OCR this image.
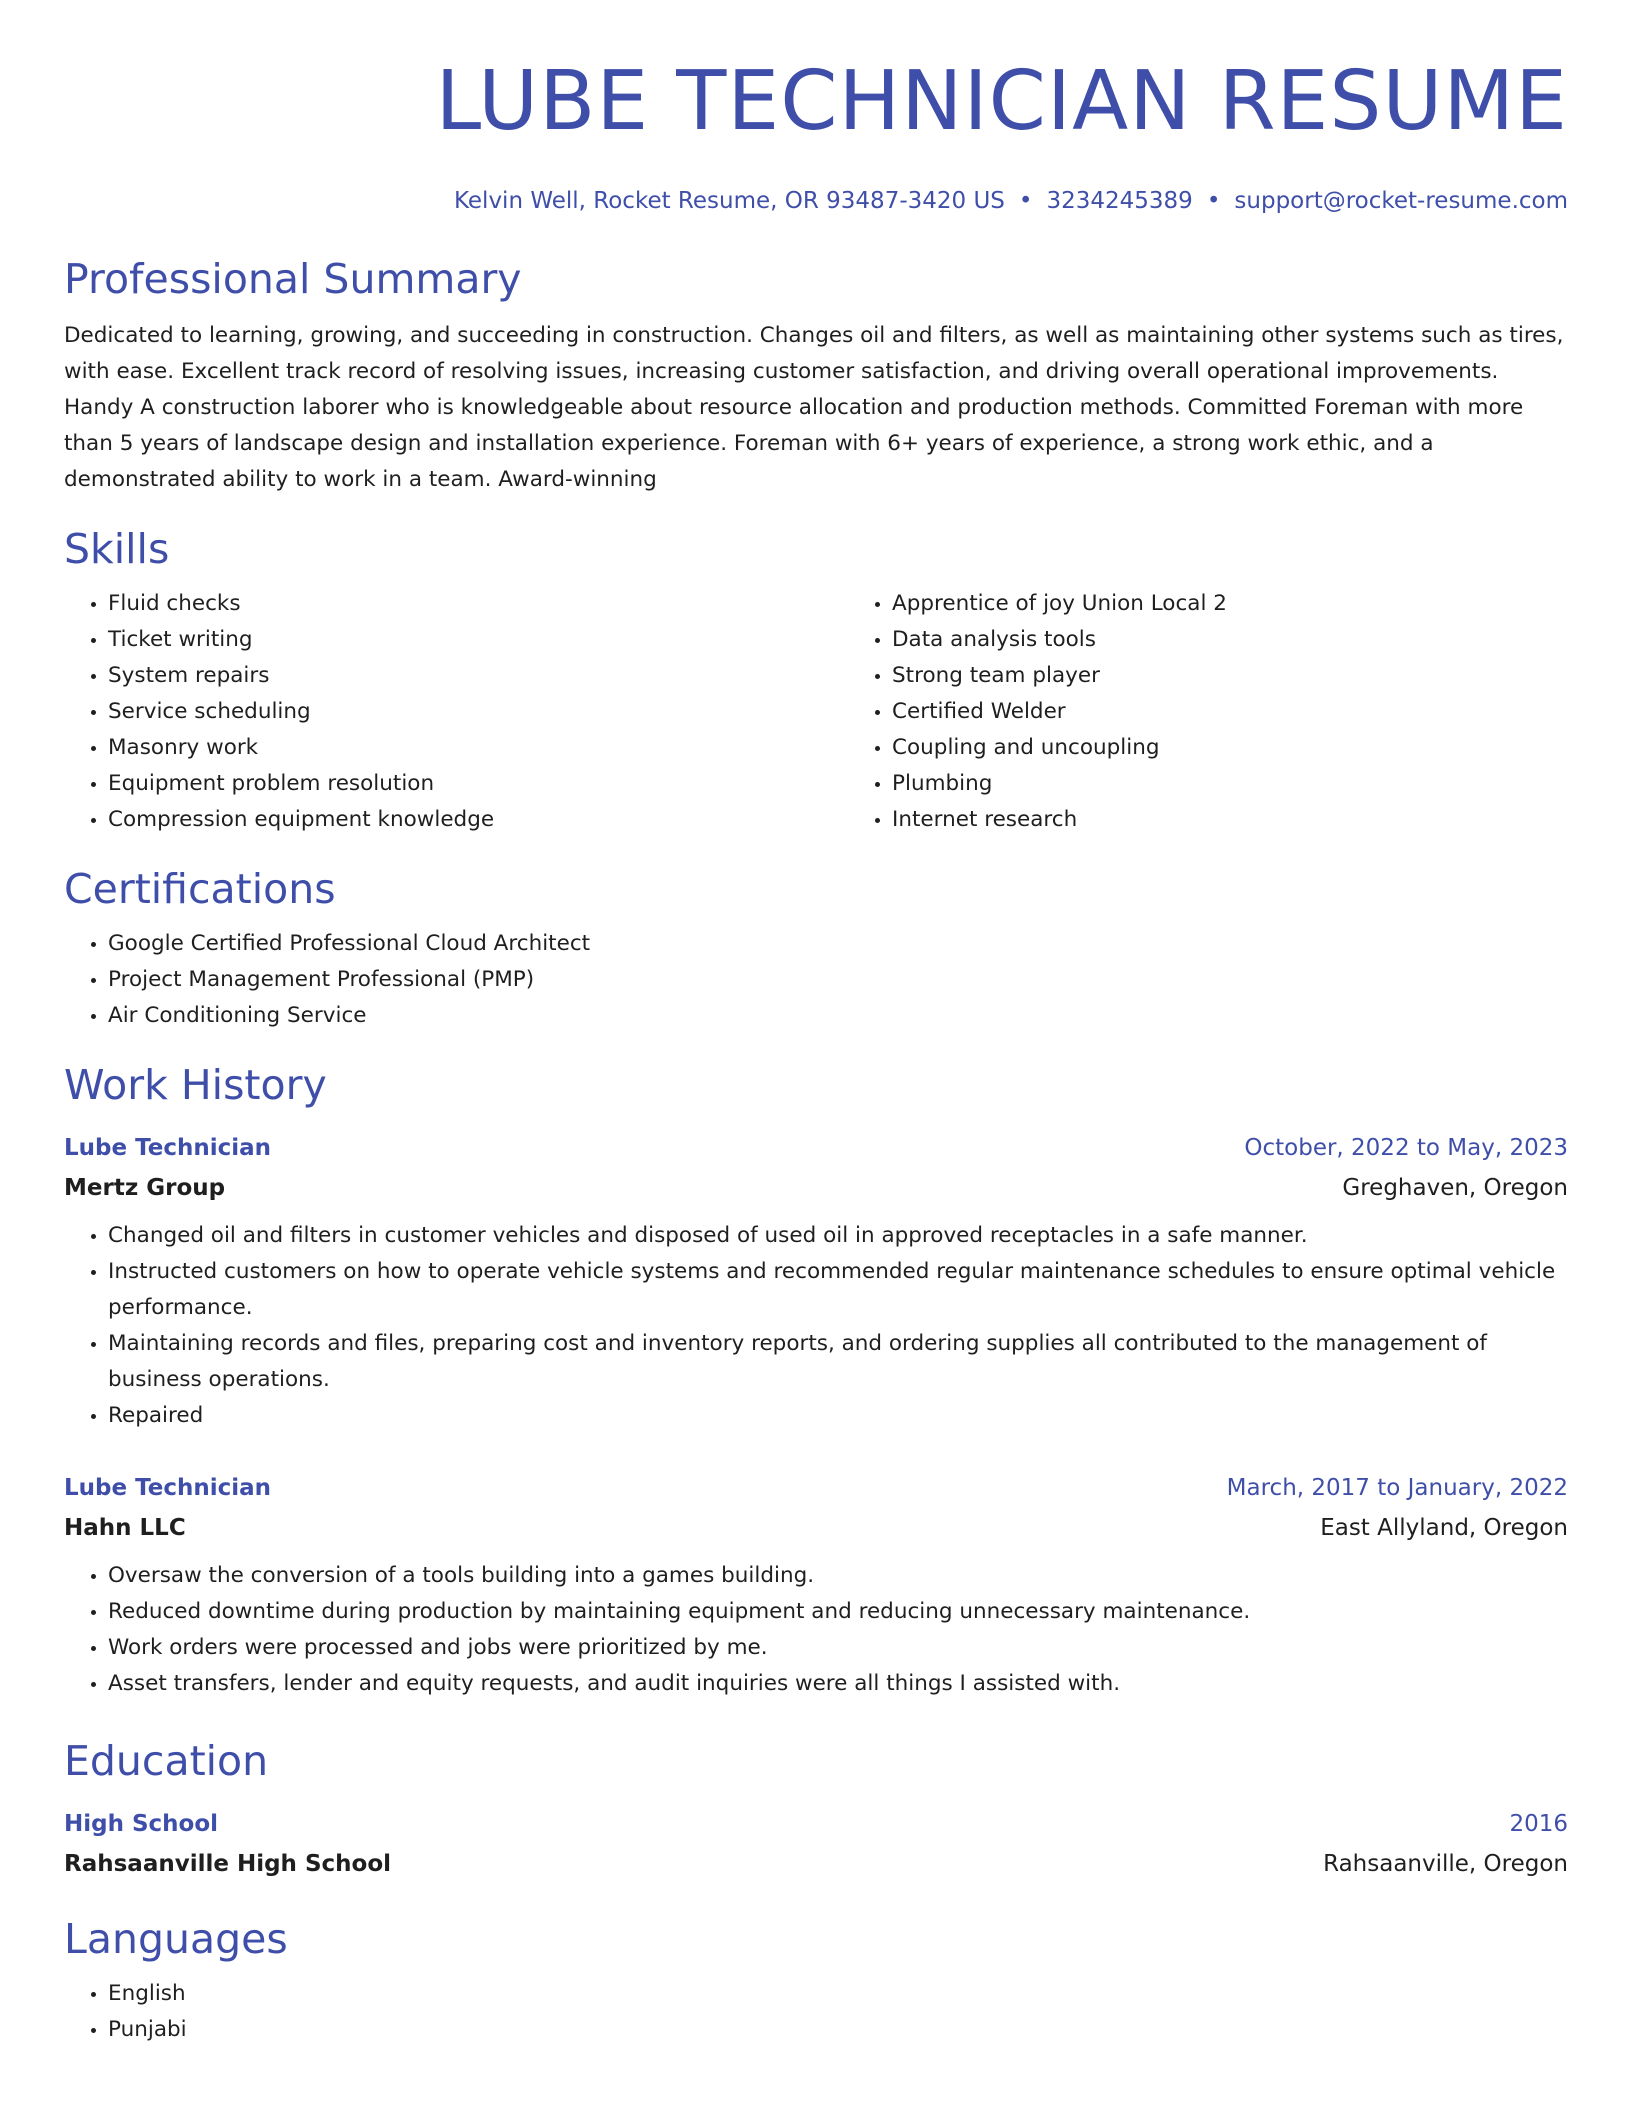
LUBE TECHNICIAN RESUME
Kelvin Well, Rocket Resume, OR 93487-3420 US • 3234245389 • support@rocket-resume.com
Professional Summary

Dedicated to learning, growing, and succeeding in construction. Changes oil and filters, as well as maintaining other systems such as tires, with ease. Excellent track record of resolving issues, increasing customer satisfaction, and driving overall operational improvements. Handy A construction laborer who is knowledgeable about resource allocation and production methods. Committed Foreman with more than 5 years of landscape design and installation experience. Foreman with 6+ years of experience, a strong work ethic, and a demonstrated ability to work in a team. Award-winning

Skills
• Fluid checks
• Ticket writing
• System repairs
• Service scheduling
• Masonry work
• Equipment problem resolution
• Compression equipment knowledge
• Apprentice of joy Union Local 2
• Data analysis tools
• Strong team player
• Certified Welder
• Coupling and uncoupling
• Plumbing
• Internet research
Certifications
• Google Certified Professional Cloud Architect
• Project Management Professional (PMP)
• Air Conditioning Service
Work History
Lube Technician	October, 2022 to May, 2023
Mertz Group	Greghaven, Oregon
• Changed oil and filters in customer vehicles and disposed of used oil in approved receptacles in a safe manner.
• Instructed customers on how to operate vehicle systems and recommended regular maintenance schedules to ensure optimal vehicle performance.
• Maintaining records and files, preparing cost and inventory reports, and ordering supplies all contributed to the management of business operations.
• Repaired
Lube Technician	March, 2017 to January, 2022
Hahn LLC	East Allyland, Oregon
• Oversaw the conversion of a tools building into a games building.
• Reduced downtime during production by maintaining equipment and reducing unnecessary maintenance.
• Work orders were processed and jobs were prioritized by me.
• Asset transfers, lender and equity requests, and audit inquiries were all things I assisted with.
Education
High School	2016
Rahsaanville High School	Rahsaanville, Oregon
Languages
• English
• Punjabi
